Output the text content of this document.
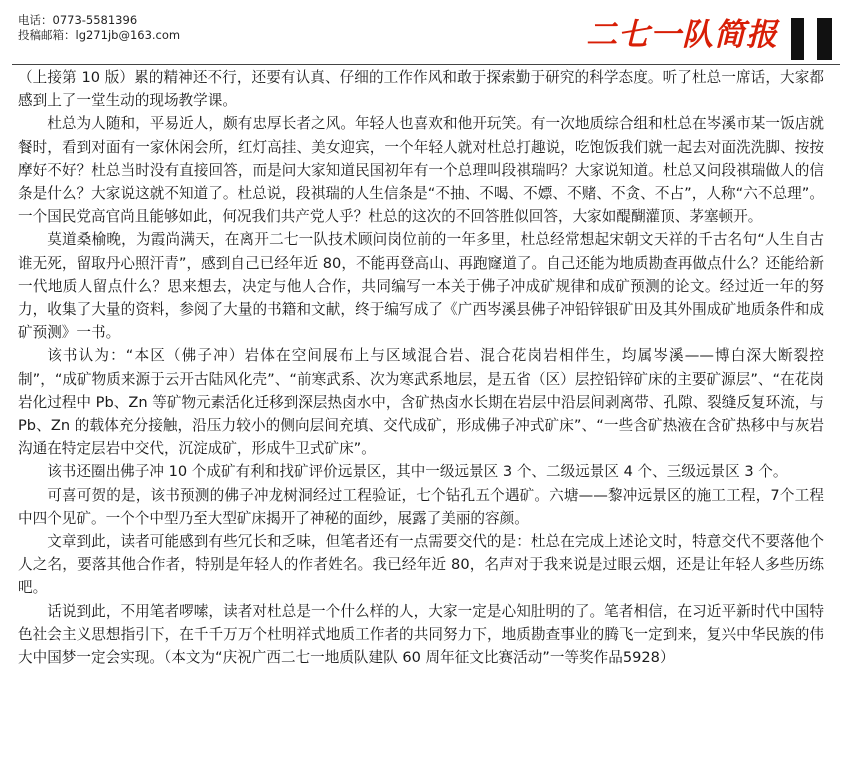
电话：0773-5581396
投稿邮箱：lg271jb@163.com	二七一队简报

（上接第 10 版）累的精神还不行，还要有认真、仔细的工作作风和敢于探索勤于研究的科学态度。听了杜总一席话，大家都感到上了一堂生动的现场教学课。

杜总为人随和，平易近人，颇有忠厚长者之风。年轻人也喜欢和他开玩笑。有一次地质综合组和杜总在岑溪市某一饭店就餐时，看到对面有一家休闲会所，红灯高挂、美女迎宾，一个年轻人就对杜总打趣说，吃饱饭我们就一起去对面洗洗脚、按按摩好不好？杜总当时没有直接回答，而是问大家知道民国初年有一个总理叫段祺瑞吗？大家说知道。杜总又问段祺瑞做人的信条是什么？大家说这就不知道了。杜总说，段祺瑞的人生信条是“不抽、不喝、不嫖、不赌、不贪、不占”，人称“六不总理”。一个国民党高官尚且能够如此，何况我们共产党人乎？杜总的这次的不回答胜似回答，大家如醍醐灌顶、茅塞顿开。

莫道桑榆晚，为霞尚满天，在离开二七一队技术顾问岗位前的一年多里，杜总经常想起宋朝文天祥的千古名句“人生自古谁无死，留取丹心照汗青”，感到自己已经年近 80，不能再登高山、再跑窿道了。自己还能为地质勘查再做点什么？还能给新一代地质人留点什么？思来想去，决定与他人合作，共同编写一本关于佛子冲成矿规律和成矿预测的论文。经过近一年的努力，收集了大量的资料，参阅了大量的书籍和文献，终于编写成了《广西岑溪县佛子冲铅锌银矿田及其外围成矿地质条件和成矿预测》一书。

该书认为：“本区（佛子冲）岩体在空间展布上与区域混合岩、混合花岗岩相伴生，均属岑溪——博白深大断裂控制”，“成矿物质来源于云开古陆风化壳”、“前寒武系、次为寒武系地层，是五省（区）层控铅锌矿床的主要矿源层”、“在花岗岩化过程中 Pb、Zn 等矿物元素活化迁移到深层热卤水中，含矿热卤水长期在岩层中沿层间剥离带、孔隙、裂缝反复环流，与 Pb、Zn 的载体充分接触，沿压力较小的侧向层间充填、交代成矿，形成佛子冲式矿床”、“一些含矿热液在含矿热移中与灰岩沟通在特定层岩中交代，沉淀成矿，形成牛卫式矿床”。

该书还圈出佛子冲 10 个成矿有利和找矿评价远景区，其中一级远景区 3 个、二级远景区 4 个、三级远景区 3 个。

可喜可贺的是，该书预测的佛子冲龙树洞经过工程验证，七个钻孔五个遇矿。六塘——黎冲远景区的施工工程，7个工程中四个见矿。一个个中型乃至大型矿床揭开了神秘的面纱，展露了美丽的容颜。

文章到此，读者可能感到有些冗长和乏味，但笔者还有一点需要交代的是：杜总在完成上述论文时，特意交代不要落他个人之名，要落其他合作者，特别是年轻人的作者姓名。我已经年近 80，名声对于我来说是过眼云烟，还是让年轻人多些历练吧。

话说到此，不用笔者啰嗦，读者对杜总是一个什么样的人，大家一定是心知肚明的了。笔者相信，在习近平新时代中国特色社会主义思想指引下，在千千万万个杜明祥式地质工作者的共同努力下，地质勘查事业的腾飞一定到来，复兴中华民族的伟大中国梦一定会实现。（本文为“庆祝广西二七一地质队建队 60 周年征文比赛活动”一等奖作品5928）
